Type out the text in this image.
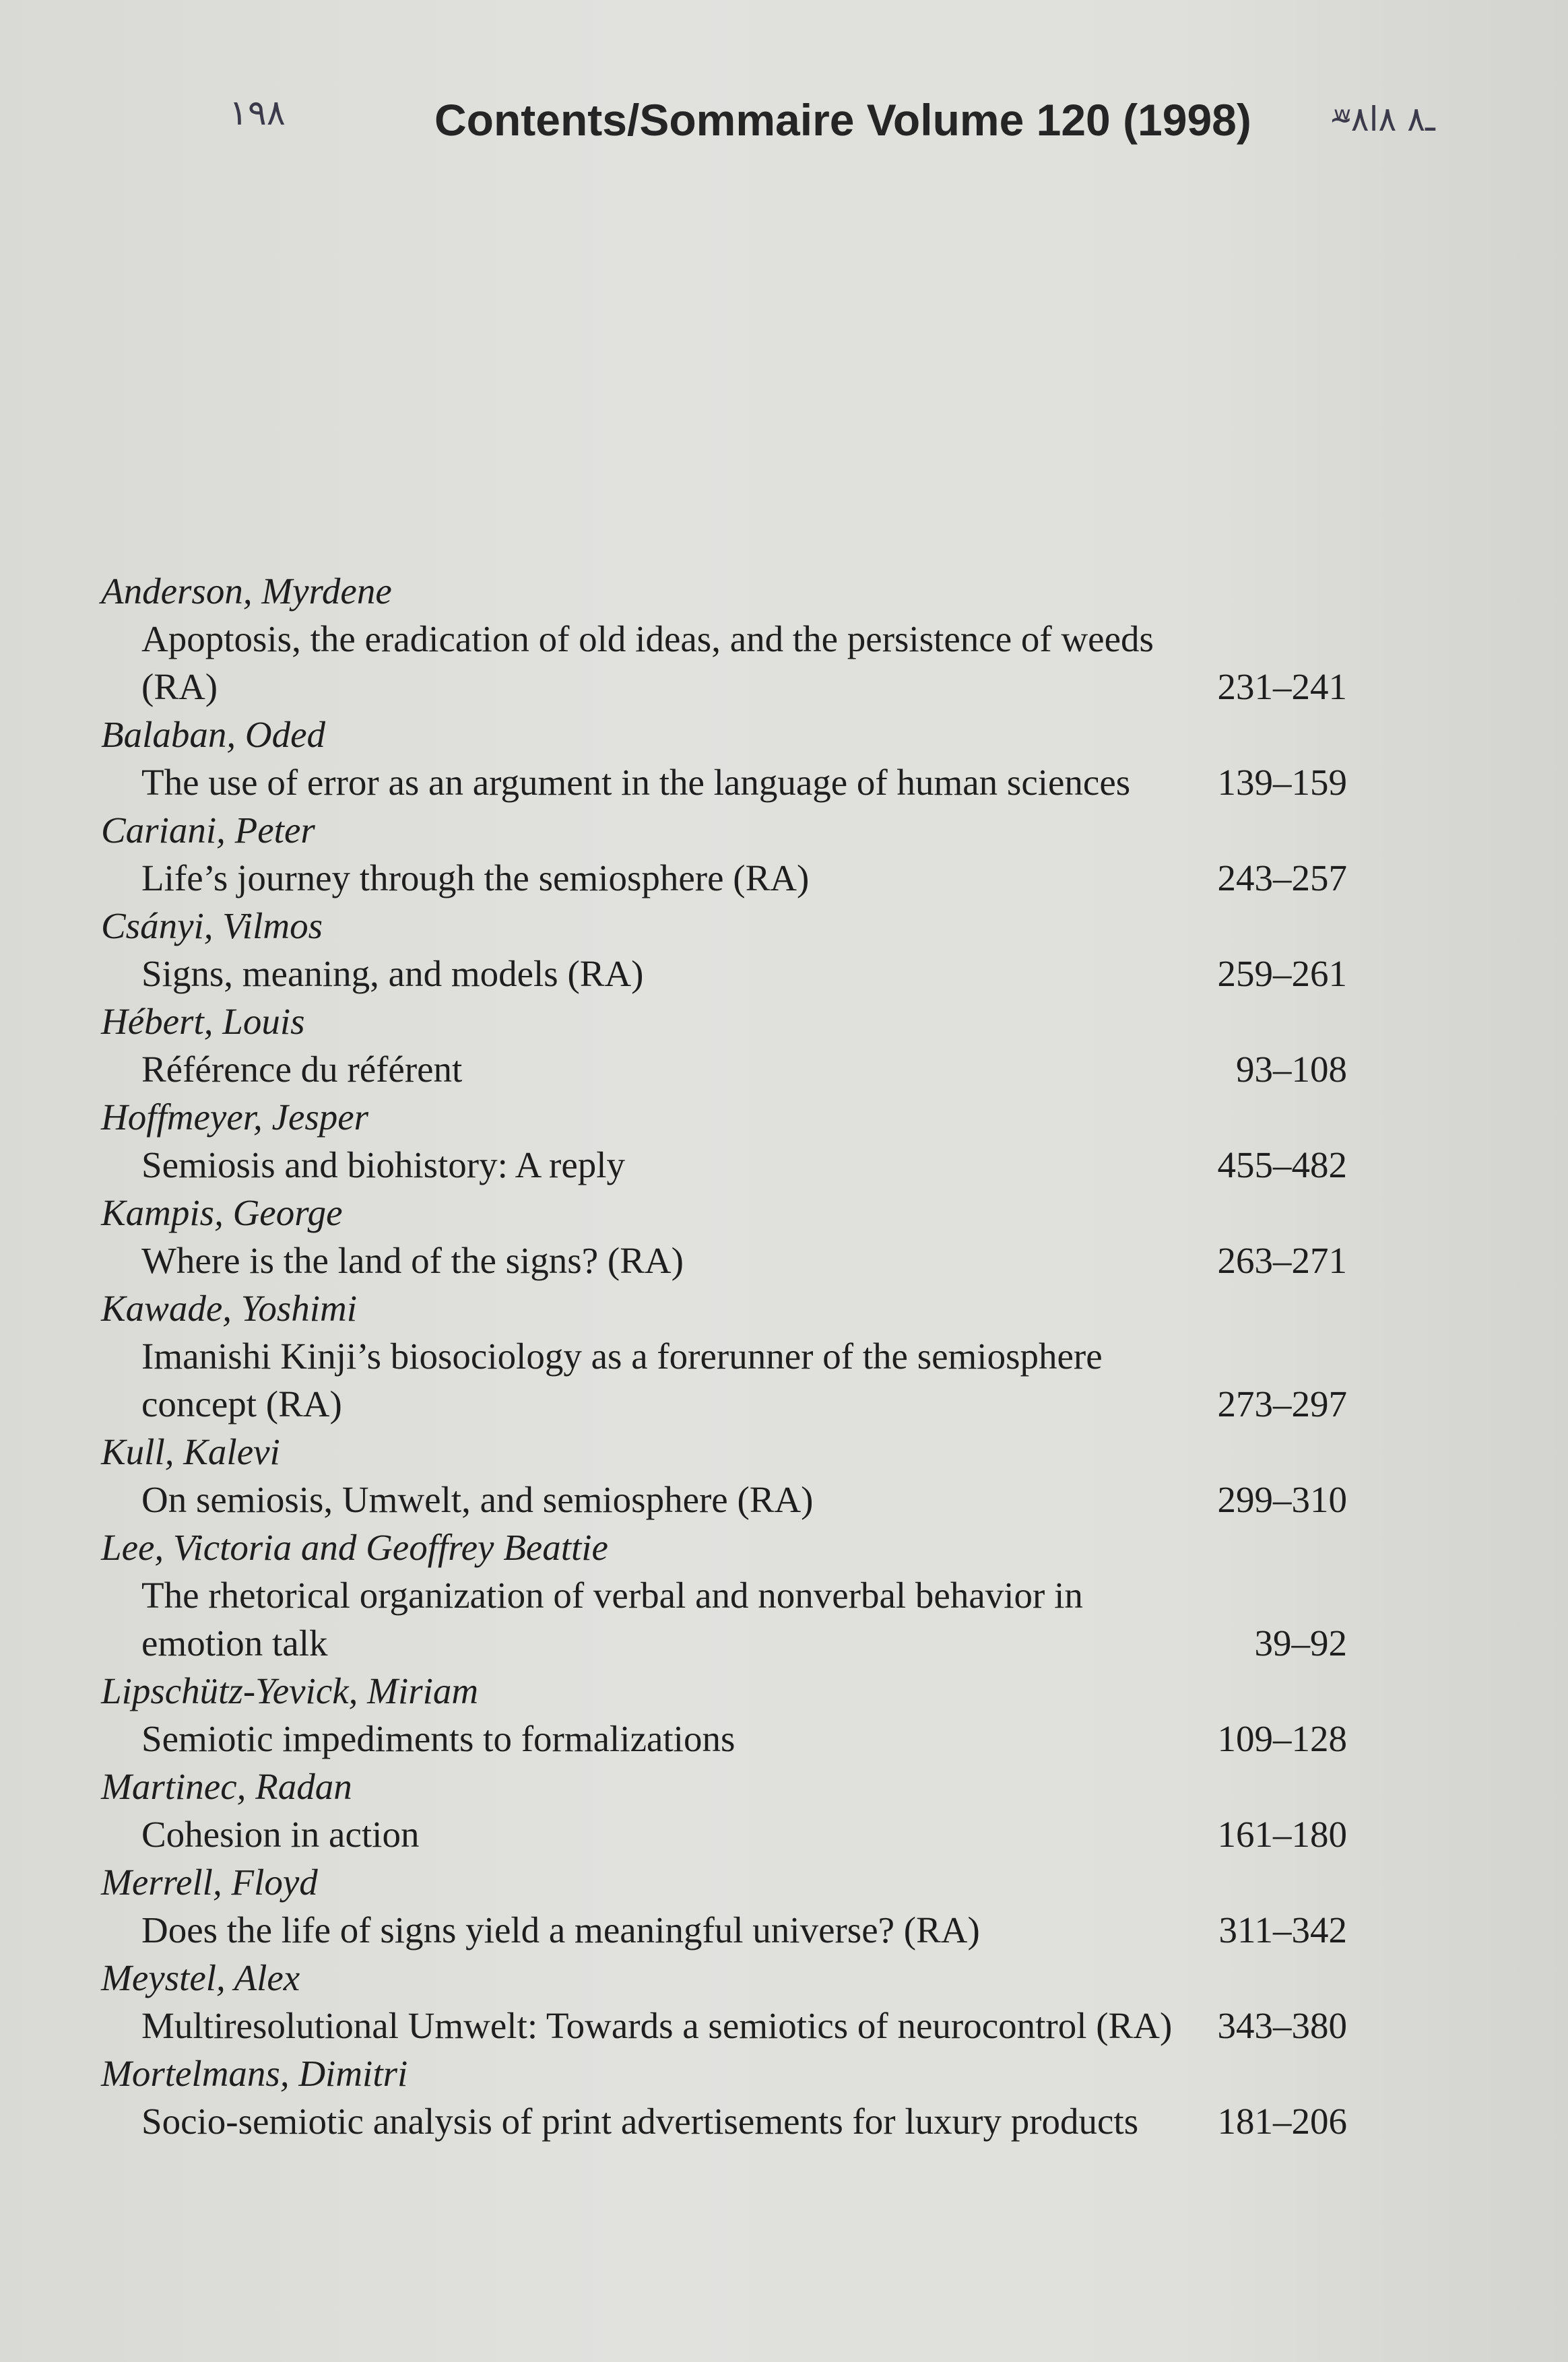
۱۹۸	Contents/Sommaire Volume 120 (1998) ʷ̴۸ـ۸ ۸ا
Anderson, Myrdene
Apoptosis, the eradication of old ideas, and the persistence of weeds (RA)	231–241
Balaban, Oded
The use of error as an argument in the language of human sciences	139–159
Cariani, Peter
Life’s journey through the semiosphere (RA)	243–257
Csányi, Vilmos
Signs, meaning, and models (RA)	259–261
Hébert, Louis
Référence du référent	93–108
Hoffmeyer, Jesper
Semiosis and biohistory: A reply	455–482
Kampis, George
Where is the land of the signs? (RA)	263–271
Kawade, Yoshimi
Imanishi Kinji’s biosociology as a forerunner of the semiosphere concept (RA)	273–297
Kull, Kalevi
On semiosis, Umwelt, and semiosphere (RA)	299–310
Lee, Victoria and Geoffrey Beattie
The rhetorical organization of verbal and nonverbal behavior in emotion talk	39–92
Lipschütz-Yevick, Miriam
Semiotic impediments to formalizations	109–128
Martinec, Radan
Cohesion in action	161–180
Merrell, Floyd
Does the life of signs yield a meaningful universe? (RA)	311–342
Meystel, Alex
Multiresolutional Umwelt: Towards a semiotics of neurocontrol (RA)	343–380
Mortelmans, Dimitri
Socio-semiotic analysis of print advertisements for luxury products	181–206
